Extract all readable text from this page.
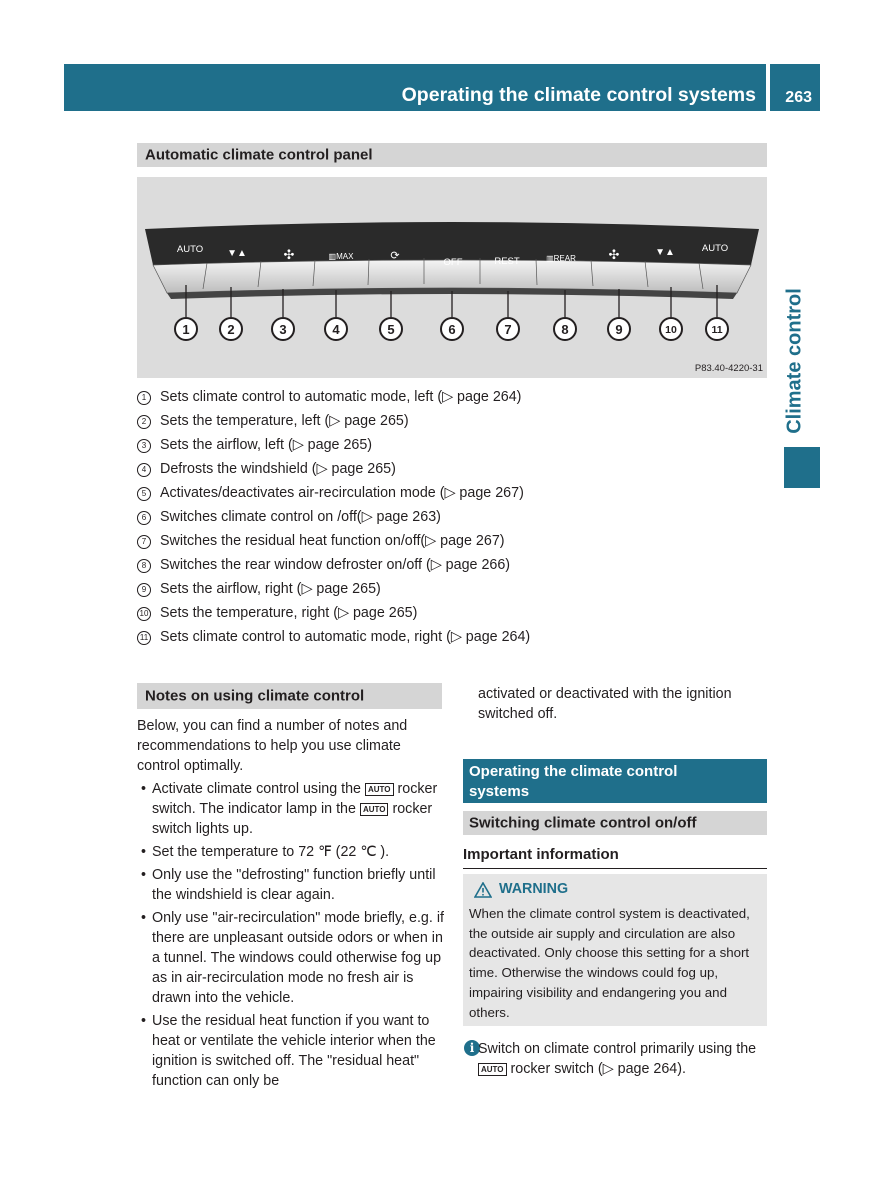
Operating the climate control systems 263
Climate control
Automatic climate control panel
AUTO ▼▲	✣	▥MAX	⟳
OFF	REST	▥REAR	✣	▼▲	AUTO
1	2	3	4	5	6	7	8	9	10	11
P83.40-4220-31
1 Sets climate control to automatic mode, left (▷ page 264)
2 Sets the temperature, left (▷ page 265)
3 Sets the airflow, left (▷ page 265)
4 Defrosts the windshield (▷ page 265)
5 Activates/deactivates air-recirculation mode (▷ page 267)
6 Switches climate control on /off(▷ page 263)
7 Switches the residual heat function on/off(▷ page 267)
8 Switches the rear window defroster on/off (▷ page 266)
9 Sets the airflow, right (▷ page 265)
10 Sets the temperature, right (▷ page 265)
11 Sets climate control to automatic mode, right (▷ page 264)
Notes on using climate control

Below, you can find a number of notes and recommendations to help you use climate control optimally.

• Activate climate control using the AUTO rocker switch. The indicator lamp in the AUTO rocker switch lights up.
• Set the temperature to 72 ℉ (22 ℃ ).
• Only use the "defrosting" function briefly until the windshield is clear again.
• Only use "air-recirculation" mode briefly, e.g. if there are unpleasant outside odors or when in a tunnel. The windows could otherwise fog up as in air-recirculation mode no fresh air is drawn into the vehicle.
• Use the residual heat function if you want to heat or ventilate the vehicle interior when the ignition is switched off. The "residual heat" function can only be

activated or deactivated with the ignition switched off.

Operating the climate control systems
Switching climate control on/off
Important information
WARNING
When the climate control system is deactivated, the outside air supply and circulation are also deactivated. Only choose this setting for a short time. Otherwise the windows could fog up, impairing visibility and endangering you and others.
i Switch on climate control primarily using the AUTO rocker switch (▷ page 264).
